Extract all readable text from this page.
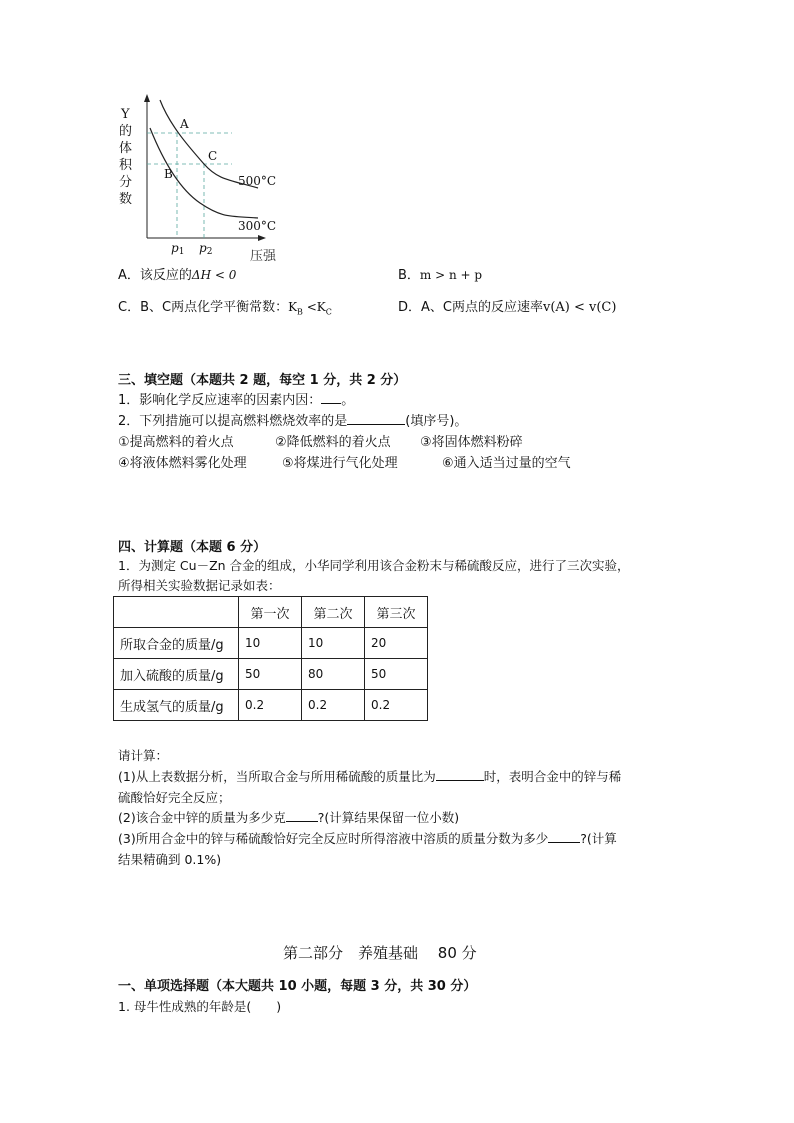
A
B
C
500°C
300°C
p1 p2	压强
Y
的
体
积
分
数
A．该反应的ΔH < 0	B．m > n + p
C．B、C两点化学平衡常数：$K_B <K_C$	D．A、C两点的反应速率v(A) < v(C)
三、填空题（本题共 2 题，每空 1 分，共 2 分）
1．影响化学反应速率的因素内因： 。
2．下列措施可以提高燃料燃烧效率的是	(填序号)。
①提高燃料的着火点	②降低燃料的着火点 ③将固体燃料粉碎
④将液体燃料雾化处理	⑤将煤进行气化处理	⑥通入适当过量的空气
四、计算题（本题 6 分）
1．为测定 Cu－Zn 合金的组成，小华同学利用该合金粉末与稀硫酸反应，进行了三次实验，
所得相关实验数据记录如表：
	第一次	第二次	第三次
所取合金的质量/g	10	10	20
加入硫酸的质量/g	50	80	50
生成氢气的质量/g	0.2	0.2	0.2
请计算：
(1)从上表数据分析，当所取合金与所用稀硫酸的质量比为	时，表明合金中的锌与稀
硫酸恰好完全反应；
(2)该合金中锌的质量为多少克	?(计算结果保留一位小数)
(3)所用合金中的锌与稀硫酸恰好完全反应时所得溶液中溶质的质量分数为多少	?(计算
结果精确到 0.1%)
第二部分　养殖基础　 80 分
一、单项选择题（本大题共 10 小题，每题 3 分，共 30 分）
1. 母牛性成熟的年龄是(　　)
